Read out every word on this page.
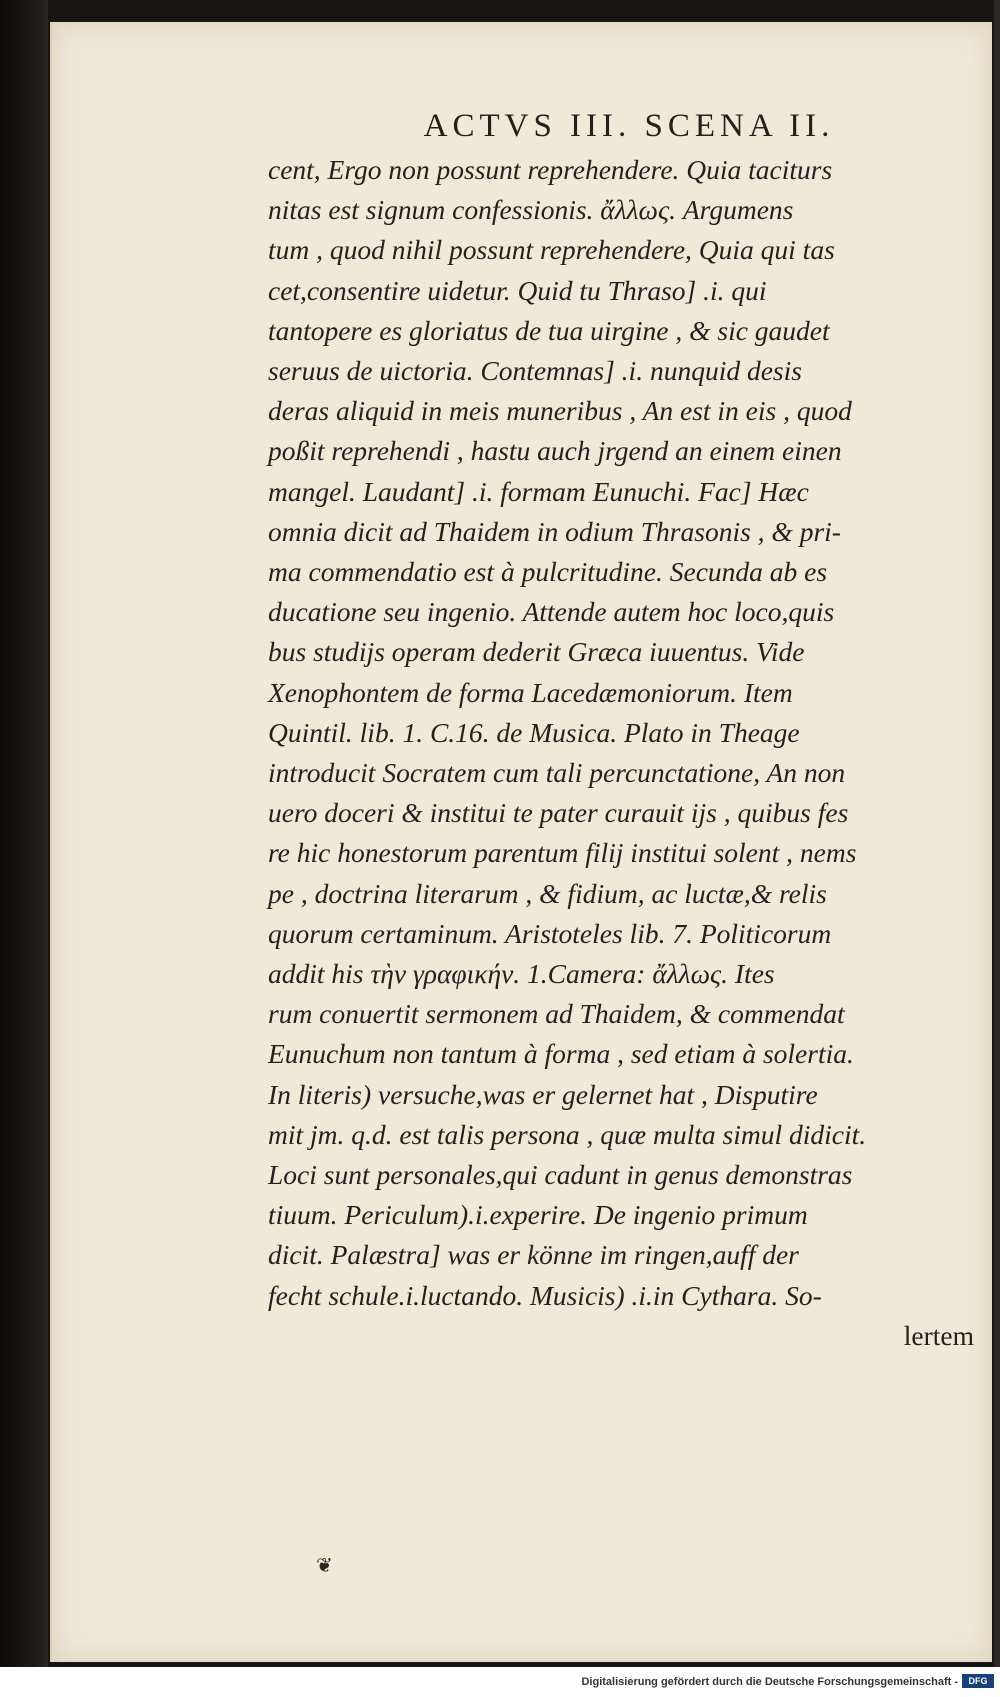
ACTVS III. SCENA II.
cent, Ergo non possunt reprehendere. Quia taciturs
nitas est signum confessionis. ἄλλως. Argumens
tum , quod nihil possunt reprehendere, Quia qui tas
cet,consentire uidetur. Quid tu Thraso] .i. qui
tantopere es gloriatus de tua uirgine , & sic gaudet
seruus de uictoria. Contemnas] .i. nunquid desis
deras aliquid in meis muneribus , An est in eis , quod
poßit reprehendi , hastu auch jrgend an einem einen
mangel. Laudant] .i. formam Eunuchi. Fac] Hæc
omnia dicit ad Thaidem in odium Thrasonis , & pri-
ma commendatio est à pulcritudine. Secunda ab es
ducatione seu ingenio. Attende autem hoc loco,quis
bus studijs operam dederit Græca iuuentus. Vide
Xenophontem de forma Lacedæmoniorum. Item
Quintil. lib. 1. C.16. de Musica. Plato in Theage
introducit Socratem cum tali percunctatione, An non
uero doceri & institui te pater curauit ijs , quibus fes
re hic honestorum parentum filij institui solent , nems
pe , doctrina literarum , & fidium, ac luctæ,& relis
quorum certaminum. Aristoteles lib. 7. Politicorum
addit his τὴν γραφικήν. 1.Camera: ἄλλως. Ites
rum conuertit sermonem ad Thaidem, & commendat
Eunuchum non tantum à forma , sed etiam à solertia.
In literis) versuche,was er gelernet hat , Disputire
mit jm. q.d. est talis persona , quæ multa simul didicit.
Loci sunt personales,qui cadunt in genus demonstras
tiuum. Periculum).i.experire. De ingenio primum
dicit. Palæstra] was er könne im ringen,auff der
fecht schule.i.luctando. Musicis) .i.in Cythara. So-
lertem
❦
Digitalisierung gefördert durch die Deutsche Forschungsgemeinschaft -	DFG
